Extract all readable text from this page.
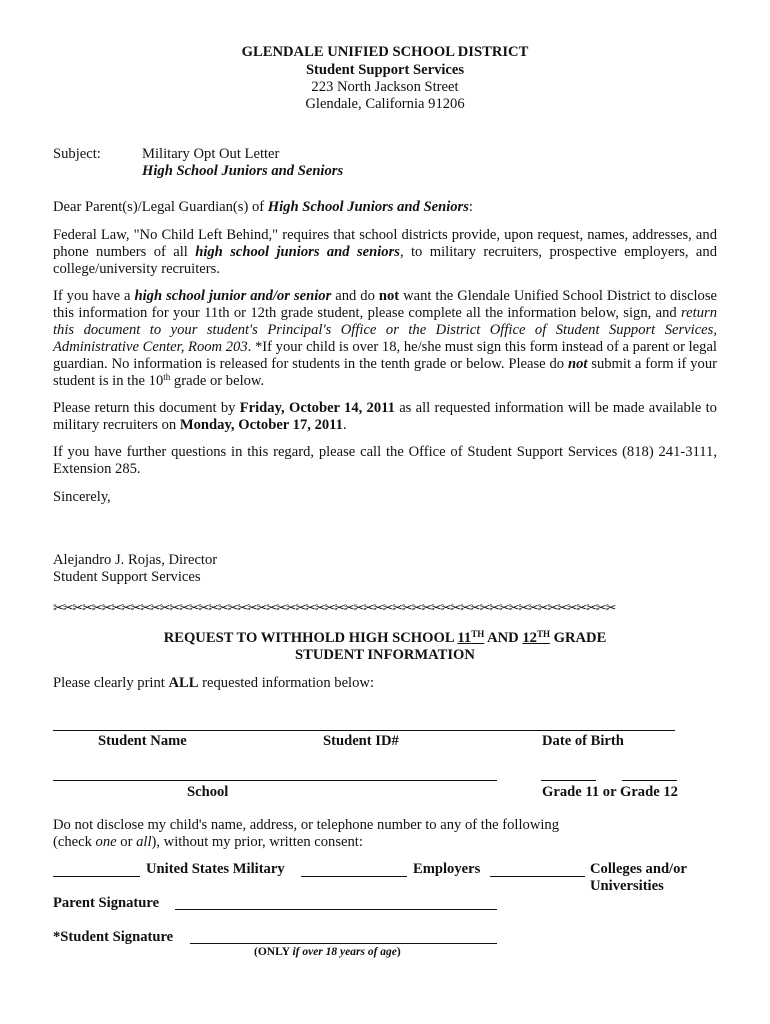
GLENDALE UNIFIED SCHOOL DISTRICT
Student Support Services
223 North Jackson Street
Glendale, California 91206
Subject:	Military Opt Out Letter
High School Juniors and Seniors
Dear Parent(s)/Legal Guardian(s) of High School Juniors and Seniors:
Federal Law, "No Child Left Behind," requires that school districts provide, upon request, names, addresses, and phone numbers of all high school juniors and seniors, to military recruiters, prospective employers, and college/university recruiters.
If you have a high school junior and/or senior and do not want the Glendale Unified School District to disclose this information for your 11th or 12th grade student, please complete all the information below, sign, and return this document to your student's Principal's Office or the District Office of Student Support Services, Administrative Center, Room 203. *If your child is over 18, he/she must sign this form instead of a parent or legal guardian. No information is released for students in the tenth grade or below. Please do not submit a form if your student is in the 10th grade or below.
Please return this document by Friday, October 14, 2011 as all requested information will be made available to military recruiters on Monday, October 17, 2011.
If you have further questions in this regard, please call the Office of Student Support Services (818) 241-3111, Extension 285.
Sincerely,
Alejandro J. Rojas, Director
Student Support Services
✂✂✂✂✂✂✂✂✂✂✂✂✂✂✂✂✂✂✂✂✂✂✂✂✂✂✂✂✂✂✂✂✂✂✂✂✂✂✂✂✂✂✂✂✂✂✂✂✂✂✂✂✂✂✂✂✂✂
REQUEST TO WITHHOLD HIGH SCHOOL 11TH AND 12TH GRADE
STUDENT INFORMATION
Please clearly print ALL requested information below:
Student Name	Student ID#	Date of Birth
School	Grade 11 or Grade 12
Do not disclose my child's name, address, or telephone number to any of the following
(check one or all), without my prior, written consent:
United States Military	Employers	Colleges and/or
Universities
Parent Signature
*Student Signature
(ONLY if over 18 years of age)
